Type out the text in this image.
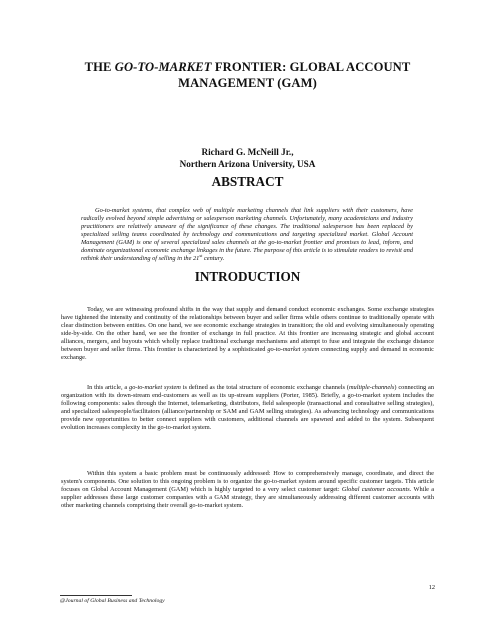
THE GO-TO-MARKET FRONTIER: GLOBAL ACCOUNT MANAGEMENT (GAM)
Richard G. McNeill Jr.,
Northern Arizona University, USA
ABSTRACT
Go-to-market systems, that complex web of multiple marketing channels that link suppliers with their customers, have radically evolved beyond simple advertising or salesperson marketing channels. Unfortunately, many academicians and industry practitioners are relatively unaware of the significance of these changes. The traditional salesperson has been replaced by specialized selling teams coordinated by technology and communications and targeting specialized market. Global Account Management (GAM) is one of several specialized sales channels at the go-to-market frontier and promises to lead, inform, and dominate organizational economic exchange linkages in the future. The purpose of this article is to stimulate readers to revisit and rethink their understanding of selling in the 21st century.
INTRODUCTION

Today, we are witnessing profound shifts in the way that supply and demand conduct economic exchanges. Some exchange strategies have tightened the intensity and continuity of the relationships between buyer and seller firms while others continue to traditionally operate with clear distinction between entities. On one hand, we see economic exchange strategies in transition; the old and evolving simultaneously operating side-by-side. On the other hand, we see the frontier of exchange in full practice. At this frontier are increasing strategic and global account alliances, mergers, and buyouts which wholly replace traditional exchange mechanisms and attempt to fuse and integrate the exchange distance between buyer and seller firms. This frontier is characterized by a sophisticated go-to-market system connecting supply and demand in economic exchange.

In this article, a go-to-market system is defined as the total structure of economic exchange channels (multiple-channels) connecting an organization with its down-stream end-customers as well as its up-stream suppliers (Porter, 1985). Briefly, a go-to-market system includes the following components: sales through the Internet, telemarketing, distributors, field salespeople (transactional and consultative selling strategies), and specialized salespeople/facilitators (alliance/partnership or SAM and GAM selling strategies). As advancing technology and communications provide new opportunities to better connect suppliers with customers, additional channels are spawned and added to the system. Subsequent evolution increases complexity in the go-to-market system.

Within this system a basic problem must be continuously addressed: How to comprehensively manage, coordinate, and direct the system's components. One solution to this ongoing problem is to organize the go-to-market system around specific customer targets. This article focuses on Global Account Management (GAM) which is highly targeted to a very select customer target: Global customer accounts. While a supplier addresses these large customer companies with a GAM strategy, they are simultaneously addressing different customer accounts with other marketing channels comprising their overall go-to-market system.

12
@Journal of Global Business and Technology
